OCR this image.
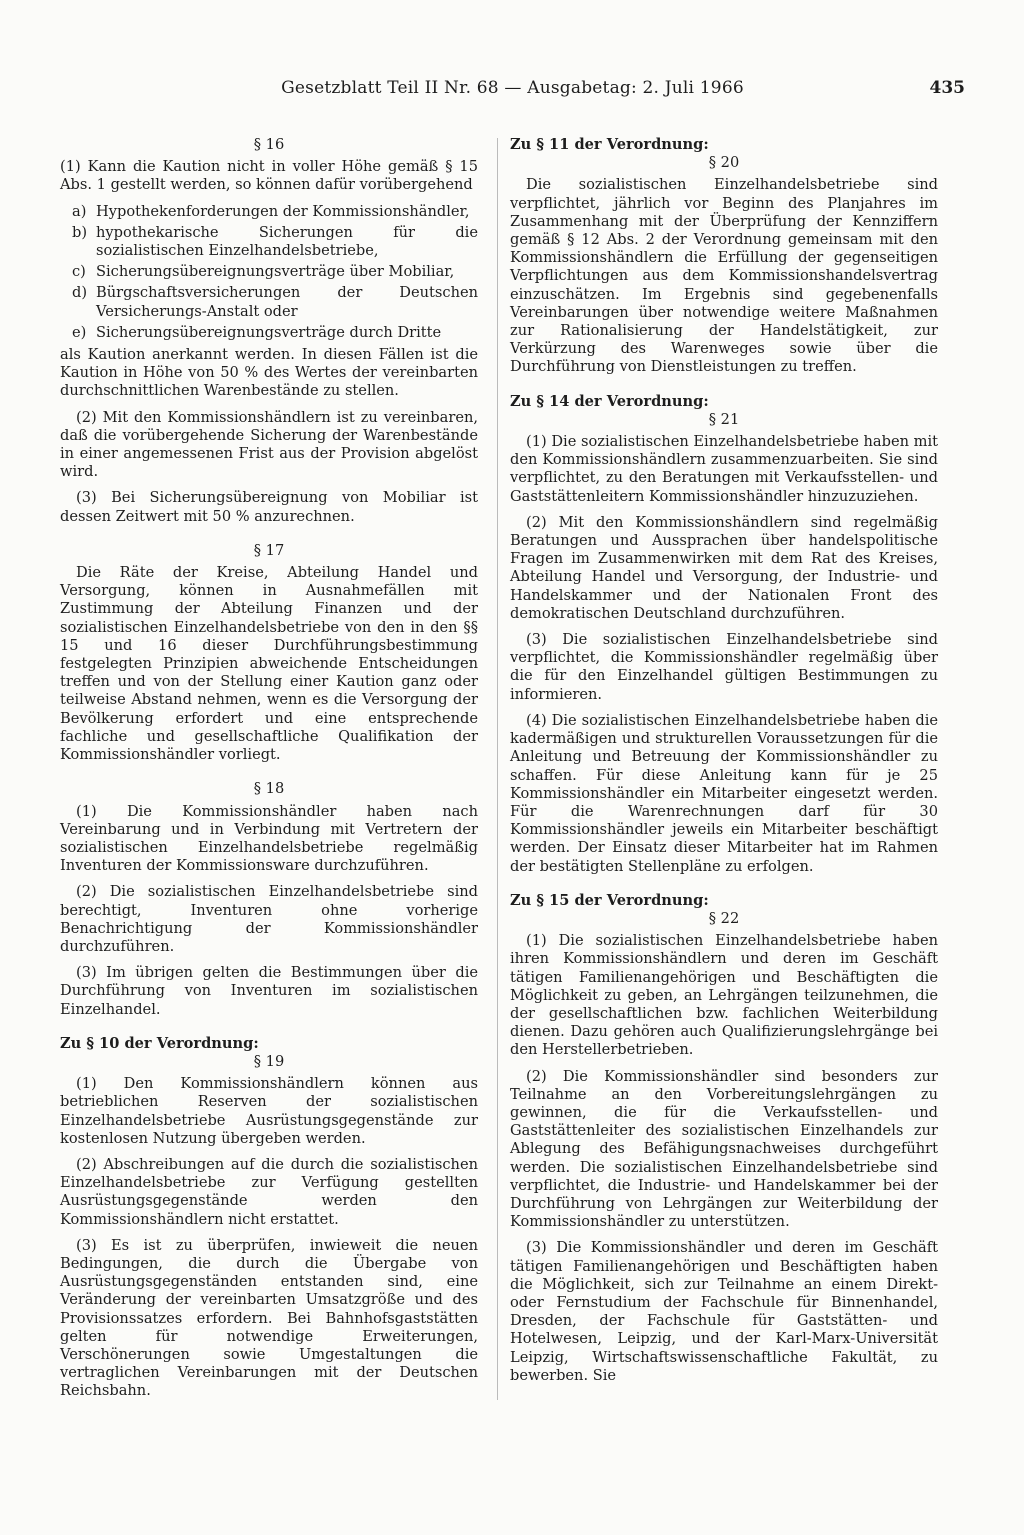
Gesetzblatt Teil II Nr. 68 — Ausgabetag: 2. Juli 1966	435
§ 16

(1) Kann die Kaution nicht in voller Höhe gemäß § 15 Abs. 1 gestellt werden, so können dafür vorübergehend

a) Hypothekenforderungen der Kommissionshändler,
b) hypothekarische Sicherungen für die sozialistischen Einzelhandelsbetriebe,
c) Sicherungsübereignungsverträge über Mobiliar,
d) Bürgschaftsversicherungen der Deutschen Versicherungs-Anstalt oder
e) Sicherungsübereignungsverträge durch Dritte

als Kaution anerkannt werden. In diesen Fällen ist die Kaution in Höhe von 50 % des Wertes der vereinbarten durchschnittlichen Warenbestände zu stellen.

(2) Mit den Kommissionshändlern ist zu vereinbaren, daß die vorübergehende Sicherung der Warenbestände in einer angemessenen Frist aus der Provision abgelöst wird.

(3) Bei Sicherungsübereignung von Mobiliar ist dessen Zeitwert mit 50 % anzurechnen.

§ 17

Die Räte der Kreise, Abteilung Handel und Versorgung, können in Ausnahmefällen mit Zustimmung der Abteilung Finanzen und der sozialistischen Einzelhandelsbetriebe von den in den §§ 15 und 16 dieser Durchführungsbestimmung festgelegten Prinzipien abweichende Entscheidungen treffen und von der Stellung einer Kaution ganz oder teilweise Abstand nehmen, wenn es die Versorgung der Bevölkerung erfordert und eine entsprechende fachliche und gesellschaftliche Qualifikation der Kommissionshändler vorliegt.

§ 18

(1) Die Kommissionshändler haben nach Vereinbarung und in Verbindung mit Vertretern der sozialistischen Einzelhandelsbetriebe regelmäßig Inventuren der Kommissionsware durchzuführen.

(2) Die sozialistischen Einzelhandelsbetriebe sind berechtigt, Inventuren ohne vorherige Benachrichtigung der Kommissionshändler durchzuführen.

(3) Im übrigen gelten die Bestimmungen über die Durchführung von Inventuren im sozialistischen Einzelhandel.

Zu § 10 der Verordnung:
§ 19

(1) Den Kommissionshändlern können aus betrieblichen Reserven der sozialistischen Einzelhandelsbetriebe Ausrüstungsgegenstände zur kostenlosen Nutzung übergeben werden.

(2) Abschreibungen auf die durch die sozialistischen Einzelhandelsbetriebe zur Verfügung gestellten Ausrüstungsgegenstände werden den Kommissionshändlern nicht erstattet.

(3) Es ist zu überprüfen, inwieweit die neuen Bedingungen, die durch die Übergabe von Ausrüstungsgegenständen entstanden sind, eine Veränderung der vereinbarten Umsatzgröße und des Provisionssatzes erfordern. Bei Bahnhofsgaststätten gelten für notwendige Erweiterungen, Verschönerungen sowie Umgestaltungen die vertraglichen Vereinbarungen mit der Deutschen Reichsbahn.

Zu § 11 der Verordnung:
§ 20

Die sozialistischen Einzelhandelsbetriebe sind verpflichtet, jährlich vor Beginn des Planjahres im Zusammenhang mit der Überprüfung der Kennziffern gemäß § 12 Abs. 2 der Verordnung gemeinsam mit den Kommissionshändlern die Erfüllung der gegenseitigen Verpflichtungen aus dem Kommissionshandelsvertrag einzuschätzen. Im Ergebnis sind gegebenenfalls Vereinbarungen über notwendige weitere Maßnahmen zur Rationalisierung der Handelstätigkeit, zur Verkürzung des Warenweges sowie über die Durchführung von Dienstleistungen zu treffen.

Zu § 14 der Verordnung:
§ 21

(1) Die sozialistischen Einzelhandelsbetriebe haben mit den Kommissionshändlern zusammenzuarbeiten. Sie sind verpflichtet, zu den Beratungen mit Verkaufsstellen- und Gaststättenleitern Kommissionshändler hinzuzuziehen.

(2) Mit den Kommissionshändlern sind regelmäßig Beratungen und Aussprachen über handelspolitische Fragen im Zusammenwirken mit dem Rat des Kreises, Abteilung Handel und Versorgung, der Industrie- und Handelskammer und der Nationalen Front des demokratischen Deutschland durchzuführen.

(3) Die sozialistischen Einzelhandelsbetriebe sind verpflichtet, die Kommissionshändler regelmäßig über die für den Einzelhandel gültigen Bestimmungen zu informieren.

(4) Die sozialistischen Einzelhandelsbetriebe haben die kadermäßigen und strukturellen Voraussetzungen für die Anleitung und Betreuung der Kommissionshändler zu schaffen. Für diese Anleitung kann für je 25 Kommissionshändler ein Mitarbeiter eingesetzt werden. Für die Warenrechnungen darf für 30 Kommissionshändler jeweils ein Mitarbeiter beschäftigt werden. Der Einsatz dieser Mitarbeiter hat im Rahmen der bestätigten Stellenpläne zu erfolgen.

Zu § 15 der Verordnung:
§ 22

(1) Die sozialistischen Einzelhandelsbetriebe haben ihren Kommissionshändlern und deren im Geschäft tätigen Familienangehörigen und Beschäftigten die Möglichkeit zu geben, an Lehrgängen teilzunehmen, die der gesellschaftlichen bzw. fachlichen Weiterbildung dienen. Dazu gehören auch Qualifizierungslehrgänge bei den Herstellerbetrieben.

(2) Die Kommissionshändler sind besonders zur Teilnahme an den Vorbereitungslehrgängen zu gewinnen, die für die Verkaufsstellen- und Gaststättenleiter des sozialistischen Einzelhandels zur Ablegung des Befähigungsnachweises durchgeführt werden. Die sozialistischen Einzelhandelsbetriebe sind verpflichtet, die Industrie- und Handelskammer bei der Durchführung von Lehrgängen zur Weiterbildung der Kommissionshändler zu unterstützen.

(3) Die Kommissionshändler und deren im Geschäft tätigen Familienangehörigen und Beschäftigten haben die Möglichkeit, sich zur Teilnahme an einem Direkt- oder Fernstudium der Fachschule für Binnenhandel, Dresden, der Fachschule für Gaststätten- und Hotelwesen, Leipzig, und der Karl-Marx-Universität Leipzig, Wirtschaftswissenschaftliche Fakultät, zu bewerben. Sie
